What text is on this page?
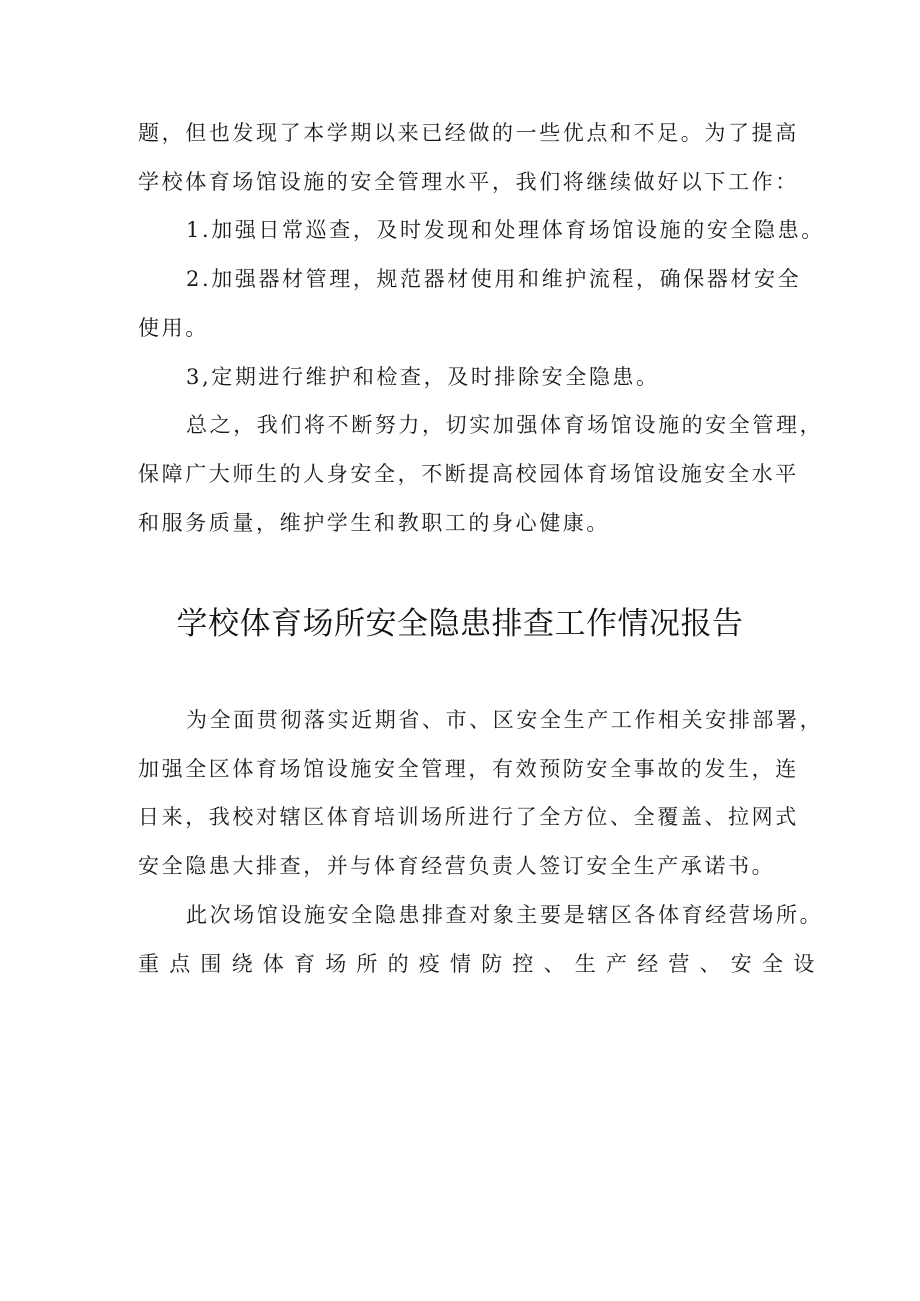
题，但也发现了本学期以来已经做的一些优点和不足。为了提高
学校体育场馆设施的安全管理水平，我们将继续做好以下工作：
1.加强日常巡查，及时发现和处理体育场馆设施的安全隐患。
2.加强器材管理，规范器材使用和维护流程，确保器材安全
使用。
3,定期进行维护和检查，及时排除安全隐患。
总之，我们将不断努力，切实加强体育场馆设施的安全管理，
保障广大师生的人身安全，不断提高校园体育场馆设施安全水平
和服务质量，维护学生和教职工的身心健康。
学校体育场所安全隐患排查工作情况报告
为全面贯彻落实近期省、市、区安全生产工作相关安排部署，
加强全区体育场馆设施安全管理，有效预防安全事故的发生，连
日来，我校对辖区体育培训场所进行了全方位、全覆盖、拉网式
安全隐患大排查，并与体育经营负责人签订安全生产承诺书。
此次场馆设施安全隐患排查对象主要是辖区各体育经营场所。
重点围绕体育场所的疫情防控、生产经营、安全设
